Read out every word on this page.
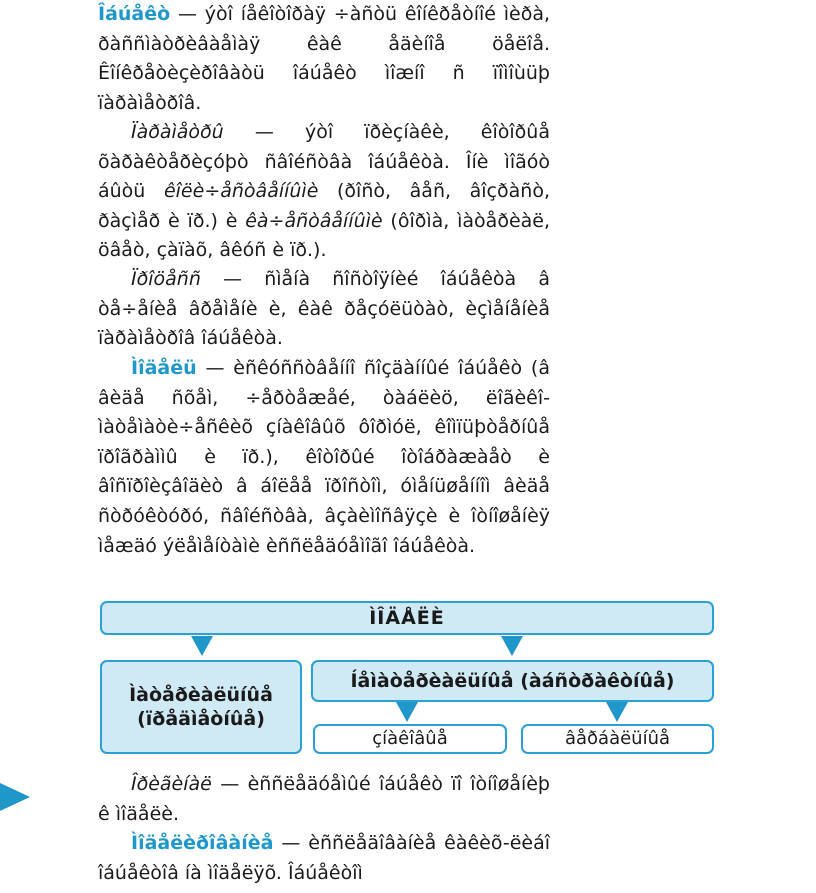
Îáúåêò — ýòî íåêîòîðàÿ ÷àñòü êîíêðåòíîé ìèðà, ðàññìàòðèâàåìàÿ êàê åäèíîå öåëîå. Êîíêðåòèçèðîâàòü îáúåêò ìîæíî ñ ïîìîùüþ ïàðàìåòðîâ.

Ïàðàìåòðû — ýòî ïðèçíàêè, êîòîðûå õàðàêòåðèçóþò ñâîéñòâà îáúåêòà. Îíè ìîãóò áûòü êîëè÷åñòâåííûìè (ðîñò, âåñ, âîçðàñò, ðàçìåð è ïð.) è êà÷åñòâåííûìè (ôîðìà, ìàòåðèàë, öâåò, çàïàõ, âêóñ è ïð.).

Ïðîöåññ — ñìåíà ñîñòîÿíèé îáúåêòà â òå÷åíèå âðåìåíè è, êàê ðåçóëüòàò, èçìåíåíèå ïàðàìåòðîâ îáúåêòà.

Ìîäåëü — èñêóññòâåííî ñîçäàííûé îáúåêò (â âèäå ñõåì, ÷åðòåæåé, òàáëèö, ëîãèêî-ìàòåìàòè÷åñêèõ çíàêîâûõ ôîðìóë, êîìïüþòåðíûå ïðîãðàììû è ïð.), êîòîðûé îòîáðàæàåò è âîñïðîèçâîäèò â áîëåå ïðîñòîì, óìåíüøåííîì âèäå ñòðóêòóðó, ñâîéñòâà, âçàèìîñâÿçè è îòíîøåíèÿ ìåæäó ýëåìåíòàìè èññëåäóåìîãî îáúåêòà.

ÌÎÄÅËÈ
Ìàòåðèàëüíûå
(ïðåäìåòíûå)
Íåìàòåðèàëüíûå (àáñòðàêòíûå)
çíàêîâûå	âåðáàëüíûå

Îðèãèíàë — èññëåäóåìûé îáúåêò ïî îòíîøåíèþ ê ìîäåëè.

Ìîäåëèðîâàíèå — èññëåäîâàíèå êàêèõ-ëèáî îáúåêòîâ íà ìîäåëÿõ. Îáúåêòîì
